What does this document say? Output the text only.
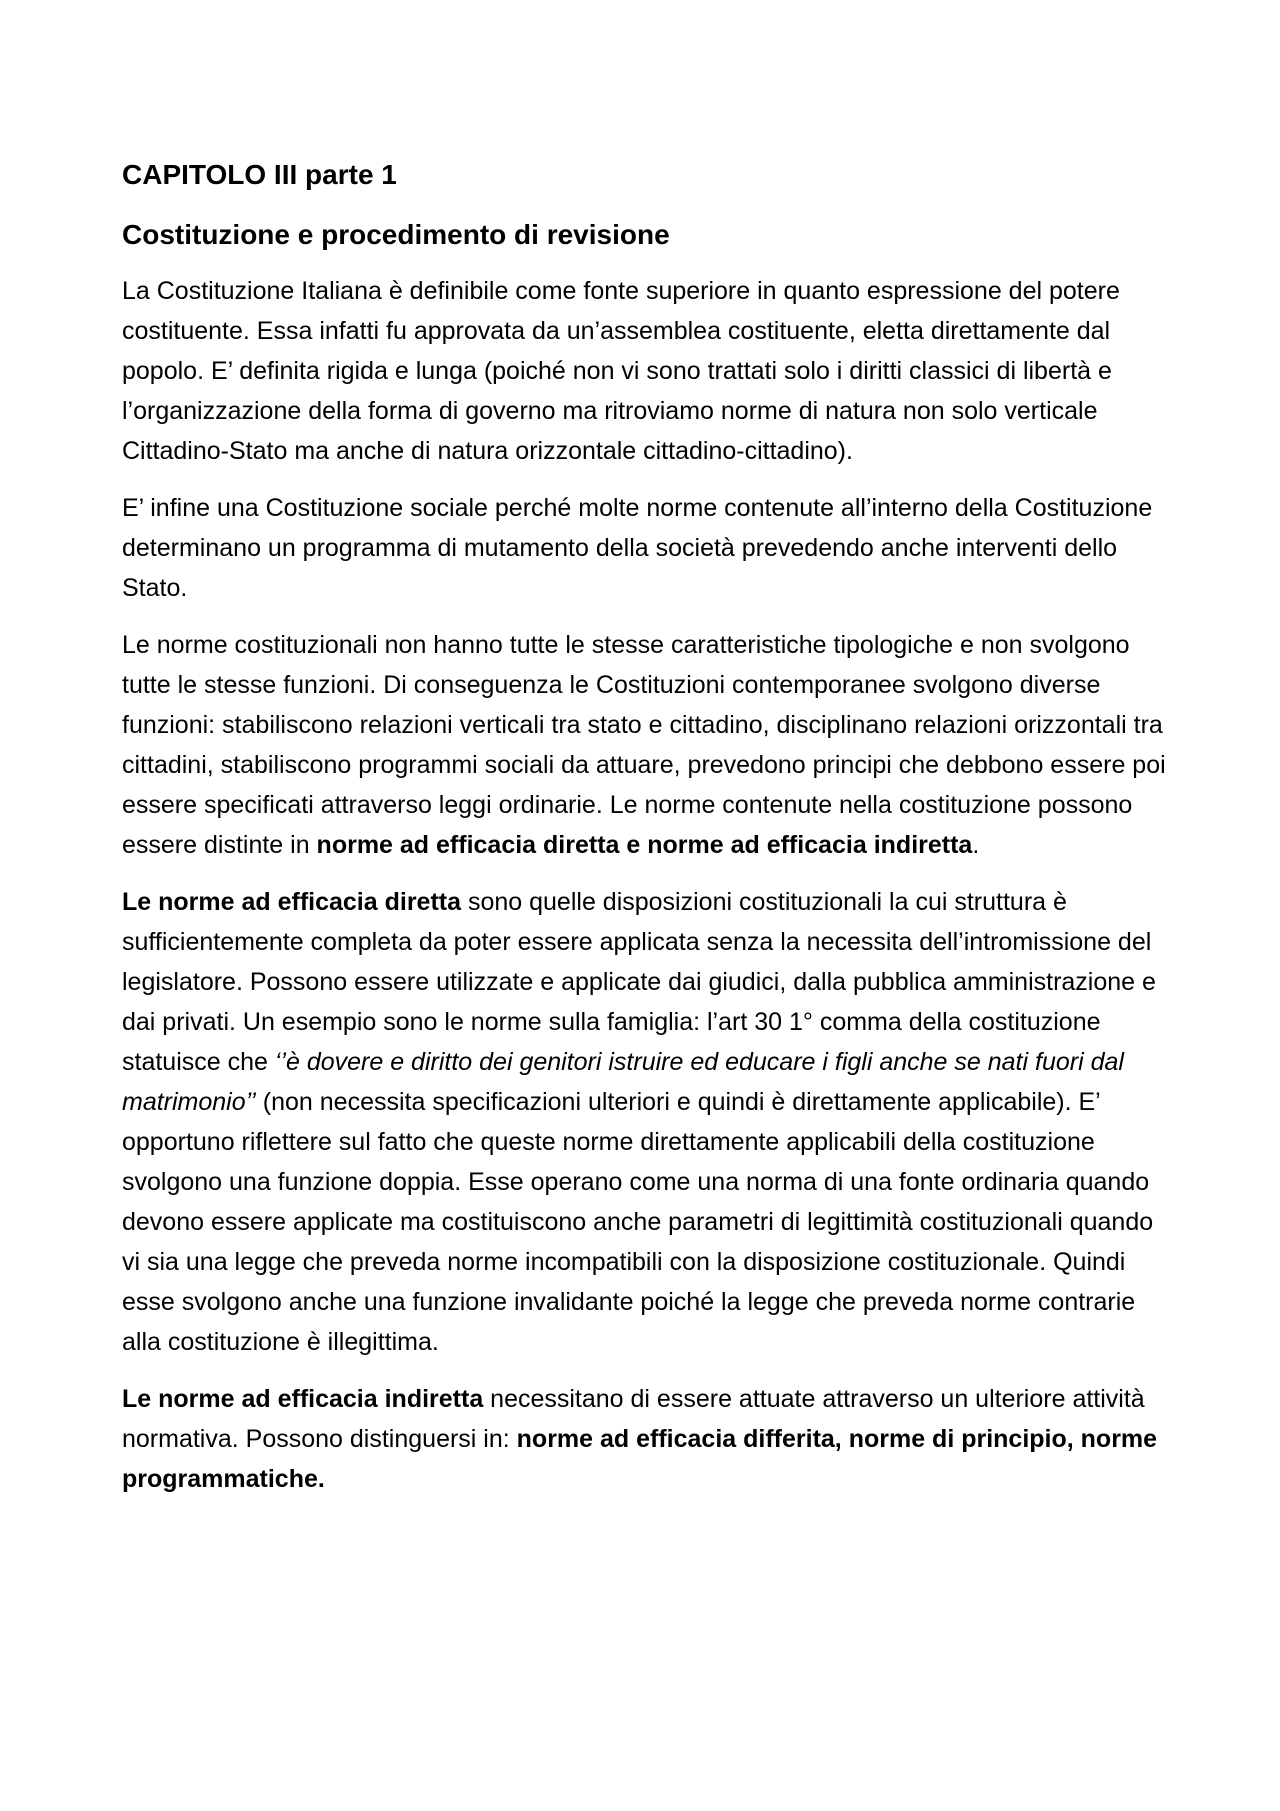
CAPITOLO III parte 1
Costituzione e procedimento di revisione

La Costituzione Italiana è definibile come fonte superiore in quanto espressione del potere costituente. Essa infatti fu approvata da un’assemblea costituente, eletta direttamente dal popolo. E’ definita rigida e lunga (poiché non vi sono trattati solo i diritti classici di libertà e l’organizzazione della forma di governo ma ritroviamo norme di natura non solo verticale Cittadino-Stato ma anche di natura orizzontale cittadino-cittadino).

E’ infine una Costituzione sociale perché molte norme contenute all’interno della Costituzione determinano un programma di mutamento della società prevedendo anche interventi dello Stato.

Le norme costituzionali non hanno tutte le stesse caratteristiche tipologiche e non svolgono tutte le stesse funzioni. Di conseguenza le Costituzioni contemporanee svolgono diverse funzioni: stabiliscono relazioni verticali tra stato e cittadino, disciplinano relazioni orizzontali tra cittadini, stabiliscono programmi sociali da attuare, prevedono principi che debbono essere poi essere specificati attraverso leggi ordinarie. Le norme contenute nella costituzione possono essere distinte in norme ad efficacia diretta e norme ad efficacia indiretta.

Le norme ad efficacia diretta sono quelle disposizioni costituzionali la cui struttura è sufficientemente completa da poter essere applicata senza la necessita dell’intromissione del legislatore. Possono essere utilizzate e applicate dai giudici, dalla pubblica amministrazione e dai privati. Un esempio sono le norme sulla famiglia: l’art 30 1° comma della costituzione statuisce che ‘’è dovere e diritto dei genitori istruire ed educare i figli anche se nati fuori dal matrimonio’’ (non necessita specificazioni ulteriori e quindi è direttamente applicabile). E’ opportuno riflettere sul fatto che queste norme direttamente applicabili della costituzione svolgono una funzione doppia. Esse operano come una norma di una fonte ordinaria quando devono essere applicate ma costituiscono anche parametri di legittimità costituzionali quando vi sia una legge che preveda norme incompatibili con la disposizione costituzionale. Quindi esse svolgono anche una funzione invalidante poiché la legge che preveda norme contrarie alla costituzione è illegittima.

Le norme ad efficacia indiretta necessitano di essere attuate attraverso un ulteriore attività normativa. Possono distinguersi in: norme ad efficacia differita, norme di principio, norme programmatiche.
